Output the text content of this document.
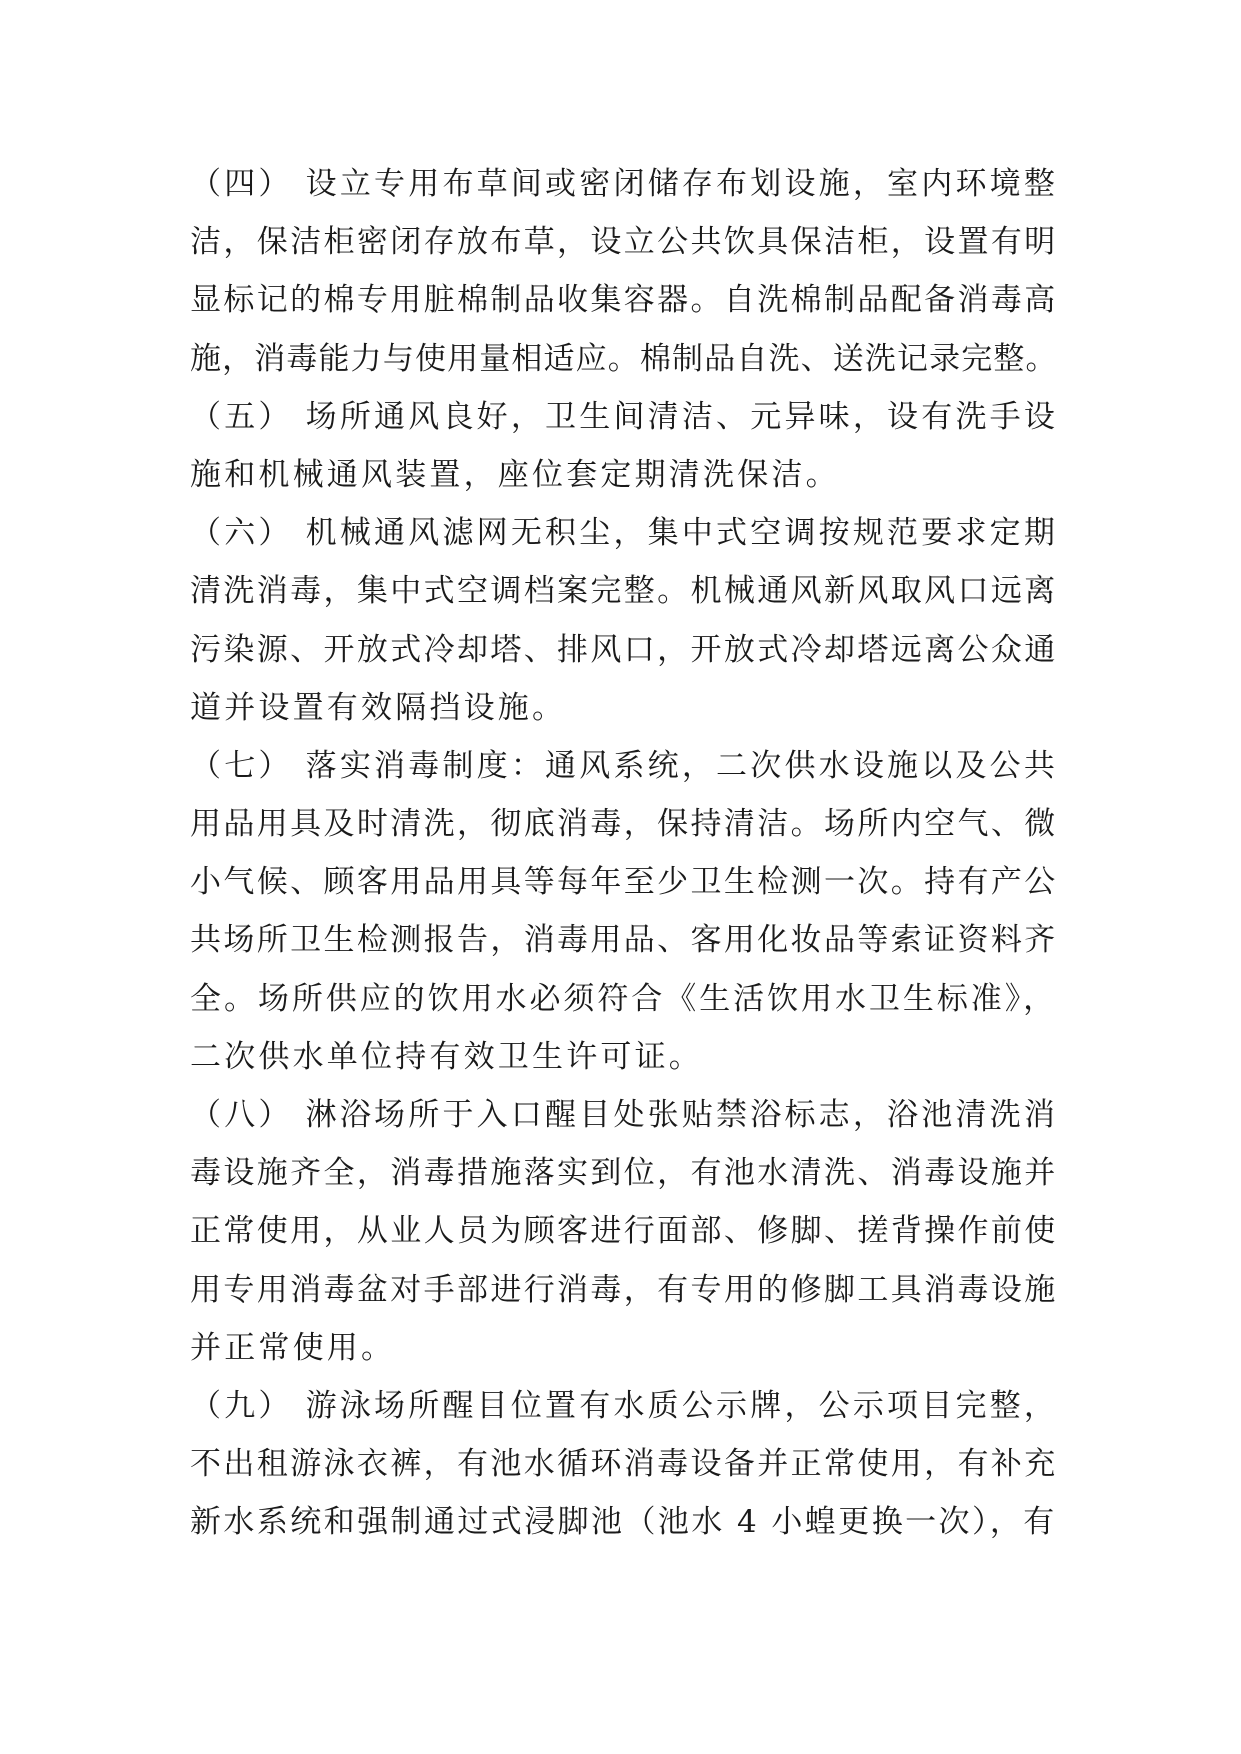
（四） 设立专用布草间或密闭储存布划设施，室内环境整
洁，保洁柜密闭存放布草，设立公共饮具保洁柜，设置有明
显标记的棉专用脏棉制品收集容器。自洗棉制品配备消毒高
施，消毒能力与使用量相适应。棉制品自洗、送洗记录完整。

（五） 场所通风良好，卫生间清洁、元异味，设有洗手设
施和机械通风装置，座位套定期清洗保洁。

（六） 机械通风滤网无积尘，集中式空调按规范要求定期
清洗消毒，集中式空调档案完整。机械通风新风取风口远离
污染源、开放式冷却塔、排风口，开放式冷却塔远离公众通
道并设置有效隔挡设施。

（七） 落实消毒制度：通风系统，二次供水设施以及公共
用品用具及时清洗，彻底消毒，保持清洁。场所内空气、微
小气候、顾客用品用具等每年至少卫生检测一次。持有产公
共场所卫生检测报告，消毒用品、客用化妆品等索证资料齐
全。场所供应的饮用水必须符合《生活饮用水卫生标准》，
二次供水单位持有效卫生许可证。

（八） 淋浴场所于入口醒目处张贴禁浴标志，浴池清洗消
毒设施齐全，消毒措施落实到位，有池水清洗、消毒设施并
正常使用，从业人员为顾客进行面部、修脚、搓背操作前使
用专用消毒盆对手部进行消毒，有专用的修脚工具消毒设施
并正常使用。

（九） 游泳场所醒目位置有水质公示牌，公示项目完整，
不出租游泳衣裤，有池水循环消毒设备并正常使用，有补充
新水系统和强制通过式浸脚池（池水 4 小蝗更换一次），有
